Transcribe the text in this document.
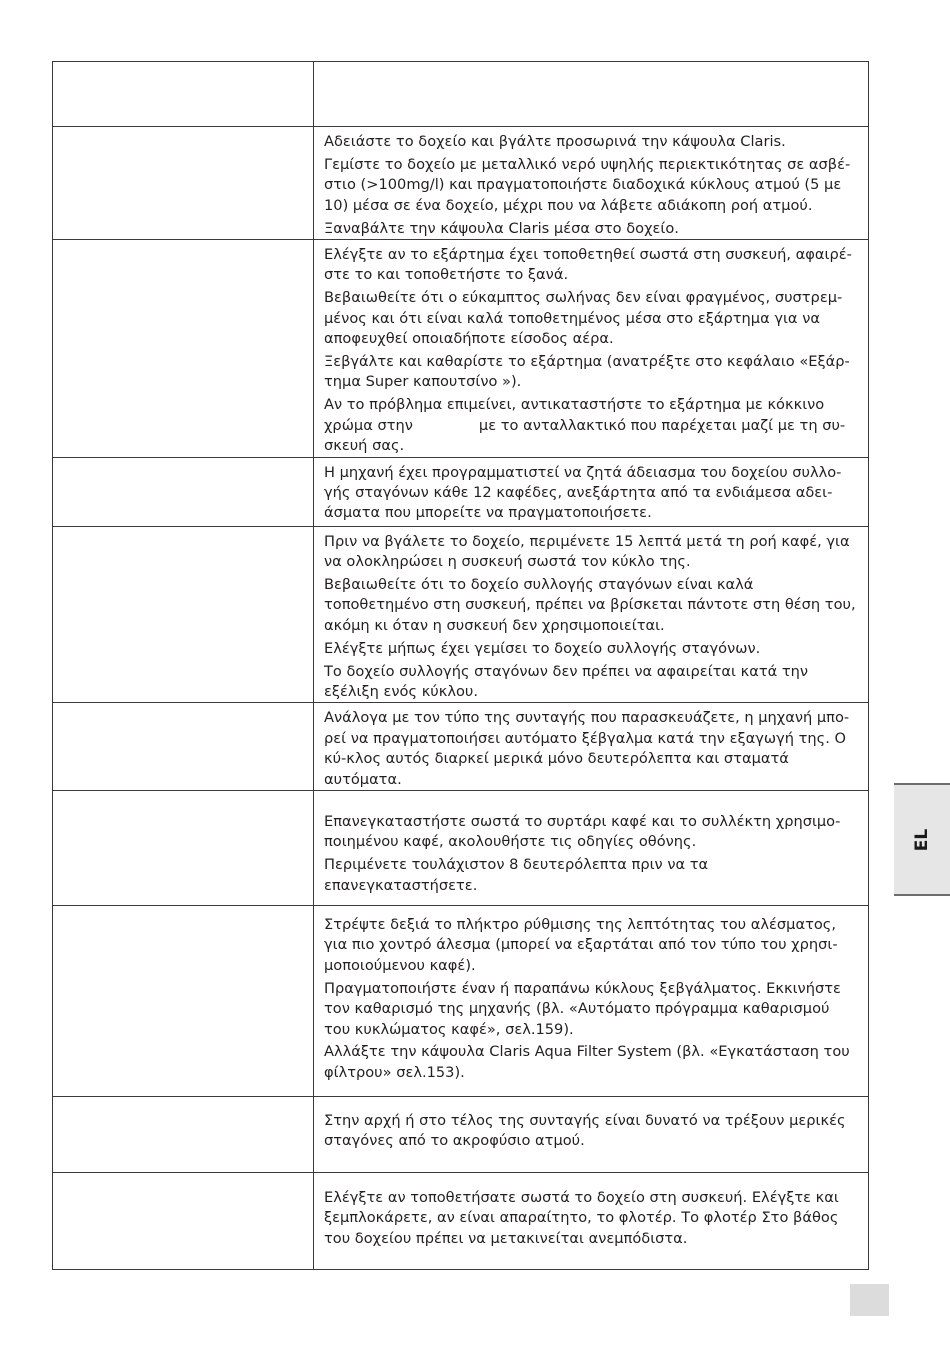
	Αδειάστε το δοχείο και βγάλτε προσωρινά την κάψουλα Claris.

Γεμίστε το δοχείο με μεταλλικό νερό υψηλής περιεκτικότητας σε ασβέ-στιο (>100mg/l) και πραγματοποιήστε διαδοχικά κύκλους ατμού (5 με 10) μέσα σε ένα δοχείο, μέχρι που να λάβετε αδιάκοπη ροή ατμού.

Ξαναβάλτε την κάψουλα Claris μέσα στο δοχείο.

	Ελέγξτε αν το εξάρτημα έχει τοποθετηθεί σωστά στη συσκευή, αφαιρέ-στε το και τοποθετήστε το ξανά.

Βεβαιωθείτε ότι ο εύκαμπτος σωλήνας δεν είναι φραγμένος, συστρεμ-μένος και ότι είναι καλά τοποθετημένος μέσα στο εξάρτημα για να αποφευχθεί οποιαδήποτε είσοδος αέρα.

Ξεβγάλτε και καθαρίστε το εξάρτημα (ανατρέξτε στο κεφάλαιο «Εξάρ-τημα Super καπουτσίνο »).

Αν το πρόβλημα επιμείνει, αντικαταστήστε το εξάρτημα με κόκκινο χρώμα στην με το ανταλλακτικό που παρέχεται μαζί με τη συ-σκευή σας.

	Η μηχανή έχει προγραμματιστεί να ζητά άδειασμα του δοχείου συλλο-γής σταγόνων κάθε 12 καφέδες, ανεξάρτητα από τα ενδιάμεσα αδει-άσματα που μπορείτε να πραγματοποιήσετε.

	Πριν να βγάλετε το δοχείο, περιμένετε 15 λεπτά μετά τη ροή καφέ, για να ολοκληρώσει η συσκευή σωστά τον κύκλο της.

Βεβαιωθείτε ότι το δοχείο συλλογής σταγόνων είναι καλά τοποθετημένο στη συσκευή, πρέπει να βρίσκεται πάντοτε στη θέση του, ακόμη κι όταν η συσκευή δεν χρησιμοποιείται.

Ελέγξτε μήπως έχει γεμίσει το δοχείο συλλογής σταγόνων.

Το δοχείο συλλογής σταγόνων δεν πρέπει να αφαιρείται κατά την εξέλιξη ενός κύκλου.

	Ανάλογα με τον τύπο της συνταγής που παρασκευάζετε, η μηχανή μπο-ρεί να πραγματοποιήσει αυτόματο ξέβγαλμα κατά την εξαγωγή της. Ο κύ-κλος αυτός διαρκεί μερικά μόνο δευτερόλεπτα και σταματά αυτόματα.

	Επανεγκαταστήστε σωστά το συρτάρι καφέ και το συλλέκτη χρησιμο-ποιημένου καφέ, ακολουθήστε τις οδηγίες οθόνης.

Περιμένετε τουλάχιστον 8 δευτερόλεπτα πριν να τα επανεγκαταστήσετε.

	Στρέψτε δεξιά το πλήκτρο ρύθμισης της λεπτότητας του αλέσματος, για πιο χοντρό άλεσμα (μπορεί να εξαρτάται από τον τύπο του χρησι-μοποιούμενου καφέ).

Πραγματοποιήστε έναν ή παραπάνω κύκλους ξεβγάλματος. Εκκινήστε τον καθαρισμό της μηχανής (βλ. «Αυτόματο πρόγραμμα καθαρισμού του κυκλώματος καφέ», σελ.159).

Αλλάξτε την κάψουλα Claris Aqua Filter System (βλ. «Εγκατάσταση του φίλτρου» σελ.153).

	Στην αρχή ή στο τέλος της συνταγής είναι δυνατό να τρέξουν μερικές σταγόνες από το ακροφύσιο ατμού.

	Ελέγξτε αν τοποθετήσατε σωστά το δοχείο στη συσκευή. Ελέγξτε και ξεμπλοκάρετε, αν είναι απαραίτητο, το φλοτέρ. Το φλοτέρ Στο βάθος του δοχείου πρέπει να μετακινείται ανεμπόδιστα.

EL
